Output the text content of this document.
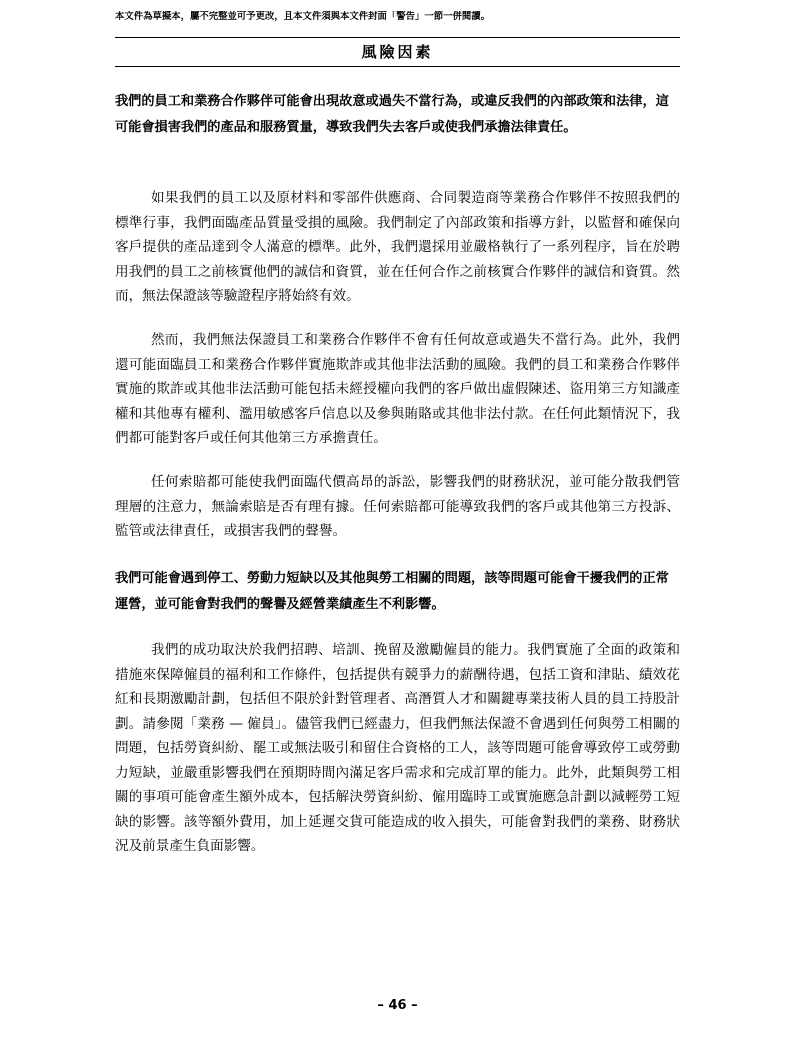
本文件為草擬本，屬不完整並可予更改，且本文件須與本文件封面「警告」一節一併閱讀。
風險因素

我們的員工和業務合作夥伴可能會出現故意或過失不當行為，或違反我們的內部政策和法律，這可能會損害我們的產品和服務質量，導致我們失去客戶或使我們承擔法律責任。

如果我們的員工以及原材料和零部件供應商、合同製造商等業務合作夥伴不按照我們的標準行事，我們面臨產品質量受損的風險。我們制定了內部政策和指導方針，以監督和確保向客戶提供的產品達到令人滿意的標準。此外，我們還採用並嚴格執行了一系列程序，旨在於聘用我們的員工之前核實他們的誠信和資質，並在任何合作之前核實合作夥伴的誠信和資質。然而，無法保證該等驗證程序將始終有效。

然而，我們無法保證員工和業務合作夥伴不會有任何故意或過失不當行為。此外，我們還可能面臨員工和業務合作夥伴實施欺詐或其他非法活動的風險。我們的員工和業務合作夥伴實施的欺詐或其他非法活動可能包括未經授權向我們的客戶做出虛假陳述、盜用第三方知識產權和其他專有權利、濫用敏感客戶信息以及參與賄賂或其他非法付款。在任何此類情況下，我們都可能對客戶或任何其他第三方承擔責任。

任何索賠都可能使我們面臨代價高昂的訴訟，影響我們的財務狀況，並可能分散我們管理層的注意力，無論索賠是否有理有據。任何索賠都可能導致我們的客戶或其他第三方投訴、監管或法律責任，或損害我們的聲譽。

我們可能會遇到停工、勞動力短缺以及其他與勞工相關的問題，該等問題可能會干擾我們的正常運營，並可能會對我們的聲譽及經營業績產生不利影響。

我們的成功取決於我們招聘、培訓、挽留及激勵僱員的能力。我們實施了全面的政策和措施來保障僱員的福利和工作條件，包括提供有競爭力的薪酬待遇，包括工資和津貼、績效花紅和長期激勵計劃，包括但不限於針對管理者、高潛質人才和關鍵專業技術人員的員工持股計劃。請參閱「業務 — 僱員」。儘管我們已經盡力，但我們無法保證不會遇到任何與勞工相關的問題，包括勞資糾紛、罷工或無法吸引和留住合資格的工人，該等問題可能會導致停工或勞動力短缺，並嚴重影響我們在預期時間內滿足客戶需求和完成訂單的能力。此外，此類與勞工相關的事項可能會產生額外成本，包括解決勞資糾紛、僱用臨時工或實施應急計劃以減輕勞工短缺的影響。該等額外費用，加上延遲交貨可能造成的收入損失，可能會對我們的業務、財務狀況及前景產生負面影響。

– 46 –
